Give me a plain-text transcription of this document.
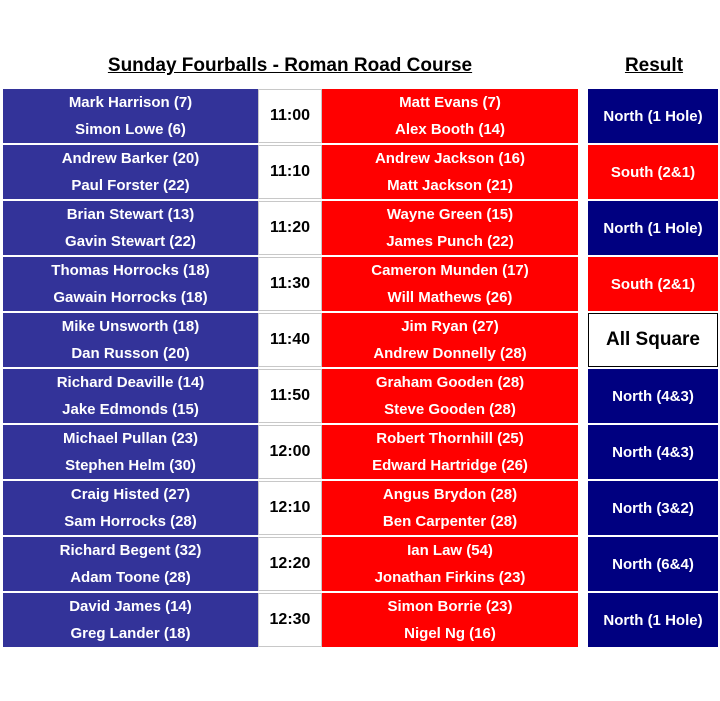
Sunday Fourballs - Roman Road Course	Result
Mark Harrison (7)
Simon Lowe (6)
11:00
Matt Evans (7)
Alex Booth (14)
North (1 Hole)
Andrew Barker (20)
Paul Forster (22)
11:10
Andrew Jackson (16)
Matt Jackson (21)
South (2&1)
Brian Stewart (13)
Gavin Stewart (22)
11:20
Wayne Green (15)
James Punch (22)
North (1 Hole)
Thomas Horrocks (18)
Gawain Horrocks (18)
11:30
Cameron Munden (17)
Will Mathews (26)
South (2&1)
Mike Unsworth (18)
Dan Russon (20)
11:40
Jim Ryan (27)
Andrew Donnelly (28)
All Square
Richard Deaville (14)
Jake Edmonds (15)
11:50
Graham Gooden (28)
Steve Gooden (28)
North (4&3)
Michael Pullan (23)
Stephen Helm (30)
12:00
Robert Thornhill (25)
Edward Hartridge (26)
North (4&3)
Craig Histed (27)
Sam Horrocks (28)
12:10
Angus Brydon (28)
Ben Carpenter (28)
North (3&2)
Richard Begent (32)
Adam Toone (28)
12:20
Ian Law (54)
Jonathan Firkins (23)
North (6&4)
David James (14)
Greg Lander (18)
12:30
Simon Borrie (23)
Nigel Ng (16)
North (1 Hole)
